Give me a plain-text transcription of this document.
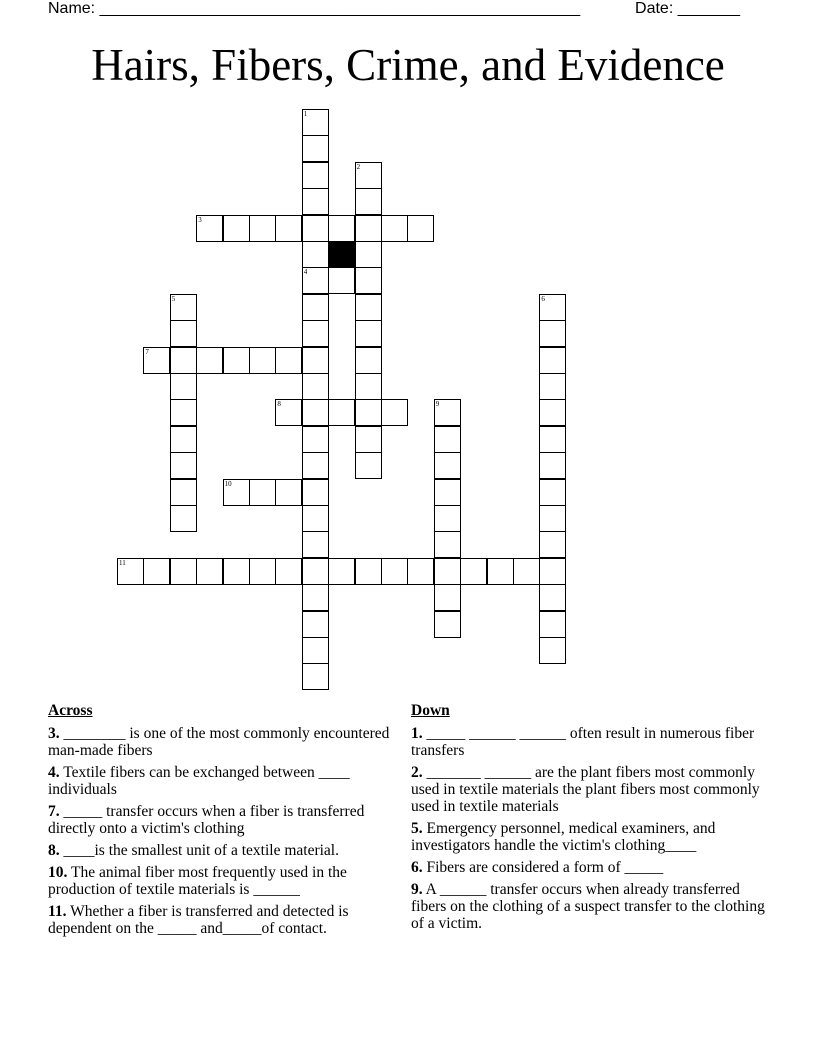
Name: ______________________________________________________	Date: _______
Hairs, Fibers, Crime, and Evidence
1
4
2
3
5	6
7
8	9
10
11
Across
3. ________ is one of the most commonly encountered man-made fibers
4. Textile fibers can be exchanged between ____ individuals
7. _____ transfer occurs when a fiber is transferred directly onto a victim's clothing
8. ____is the smallest unit of a textile material.
10. The animal fiber most frequently used in the production of textile materials is ______
11. Whether a fiber is transferred and detected is dependent on the _____ and_____of contact.
Down
1. _____ ______ ______ often result in numerous fiber transfers
2. _______ ______ are the plant fibers most commonly used in textile materials the plant fibers most commonly used in textile materials
5. Emergency personnel, medical examiners, and investigators handle the victim's clothing____
6. Fibers are considered a form of _____
9. A ______ transfer occurs when already transferred fibers on the clothing of a suspect transfer to the clothing of a victim.
